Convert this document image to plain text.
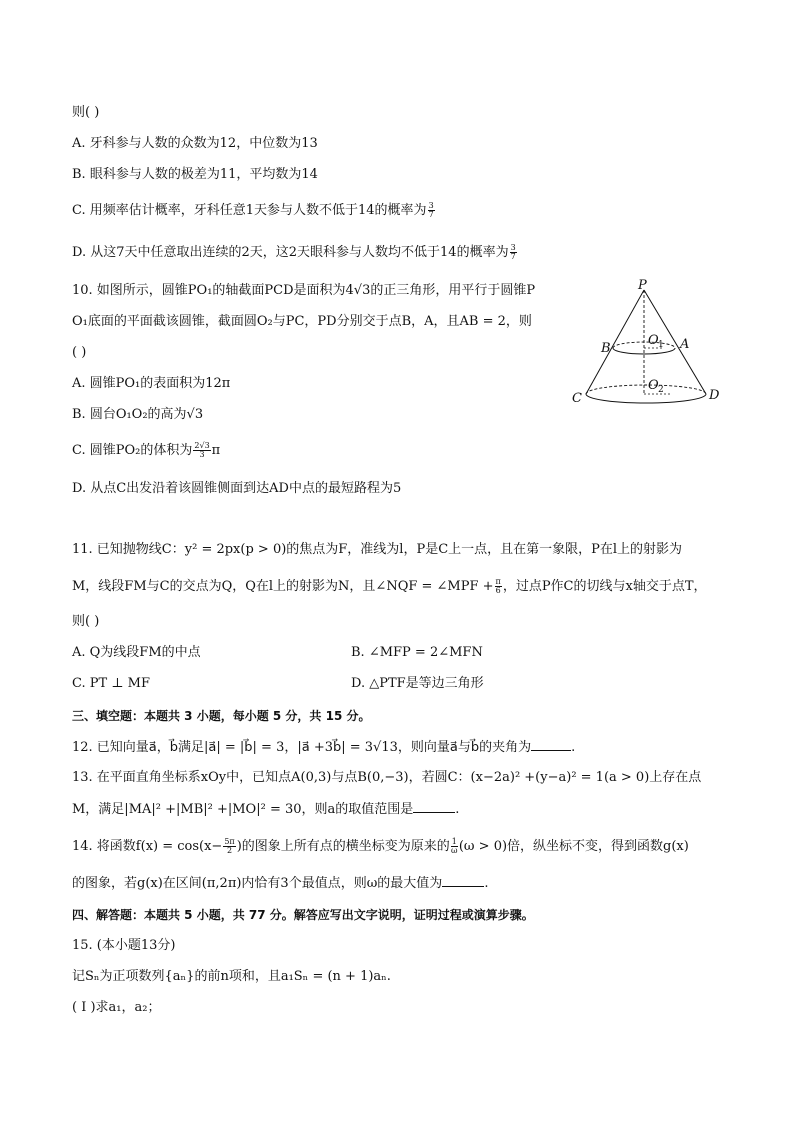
则( )
A. 牙科参与人数的众数为12，中位数为13
B. 眼科参与人数的极差为11，平均数为14
C. 用频率估计概率，牙科任意1天参与人数不低于14的概率为 $\frac{3}{7}$
D. 从这7天中任意取出连续的2天，这2天眼科参与人数均不低于14的概率为 $\frac{3}{7}$
10. 如图所示，圆锥PO₁的轴截面PCD是面积为4√3的正三角形，用平行于圆锥P
O₁底面的平面截该圆锥，截面圆O₂与PC，PD分别交于点B，A，且AB = 2，则
( )
A. 圆锥PO₁的表面积为12π
B. 圆台O₁O₂的高为√3
C. 圆锥PO₂的体积为 $\frac{2√3}{3}$ π
D. 从点C出发沿着该圆锥侧面到达AD中点的最短路程为5
P
B	A
O 1
O 2
C	D
11. 已知抛物线C：y² = 2px(p > 0)的焦点为F，准线为l，P是C上一点，且在第一象限，P在l上的射影为
M，线段FM与C的交点为Q，Q在l上的射影为N，且∠NQF = ∠MPF + $\frac{\pi}{6}$ ，过点P作C的切线与x轴交于点T，
则( )
A. Q为线段FM的中点	B. ∠MFP = 2∠MFN
C. PT ⊥ MF	D. △PTF是等边三角形
三、填空题：本题共 3 小题，每小题 5 分，共 15 分。
12. 已知向量a⃗，b⃗满足|a⃗| = |b⃗| = 3，|a⃗ +3b⃗| = 3√13，则向量a⃗与b⃗的夹角为	.
13. 在平面直角坐标系xOy中，已知点A(0,3)与点B(0,−3)，若圆C：(x−2a)² +(y−a)² = 1(a > 0)上存在点
M，满足|MA|² +|MB|² +|MO|² = 30，则a的取值范围是	.
14. 将函数$f(x) = \cos(x- \frac{5\pi}{2}$ )的图象上所有点的横坐标变为原来的 $\frac{1}{\omega} (\omega > 0)$倍，纵坐标不变，得到函数g(x)
的图象，若g(x)在区间(π,2π)内恰有3个最值点，则ω的最大值为	.
四、解答题：本题共 5 小题，共 77 分。解答应写出文字说明，证明过程或演算步骤。
15. (本小题13分)
记Sₙ为正项数列{aₙ}的前n项和，且a₁Sₙ = (n + 1)aₙ.
( I )求a₁，a₂；
